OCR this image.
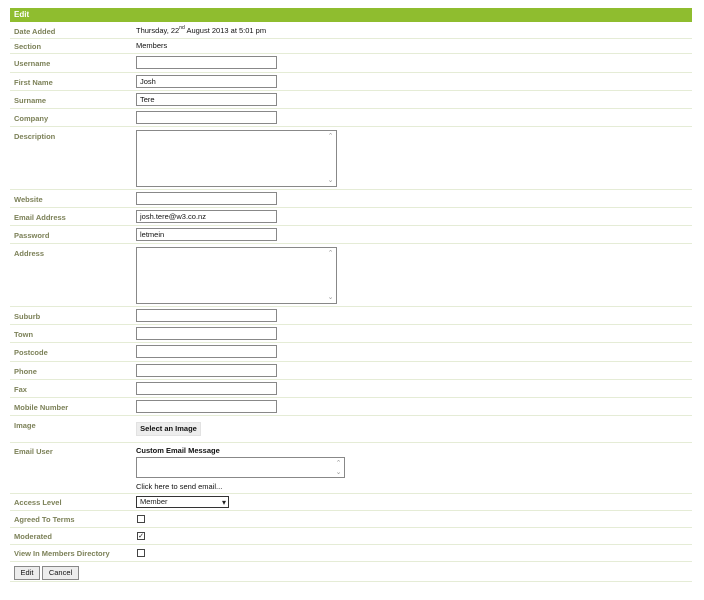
Edit
Date Added	Thursday, 22nd August 2013 at 5:01 pm
Section	Members
Username
First Name	Josh
Surname	Tere
Company
Description	⌃
⌄
Website
Email Address	josh.tere@w3.co.nz
Password	letmein
Address	⌃
⌄
Suburb
Town
Postcode
Phone
Fax
Mobile Number
Image	Select an Image
Email User	Custom Email Message
⌃
⌄
Click here to send email...
Access Level	Member	▾
Agreed To Terms
Moderated	✓
View In Members Directory
Edit	Cancel
